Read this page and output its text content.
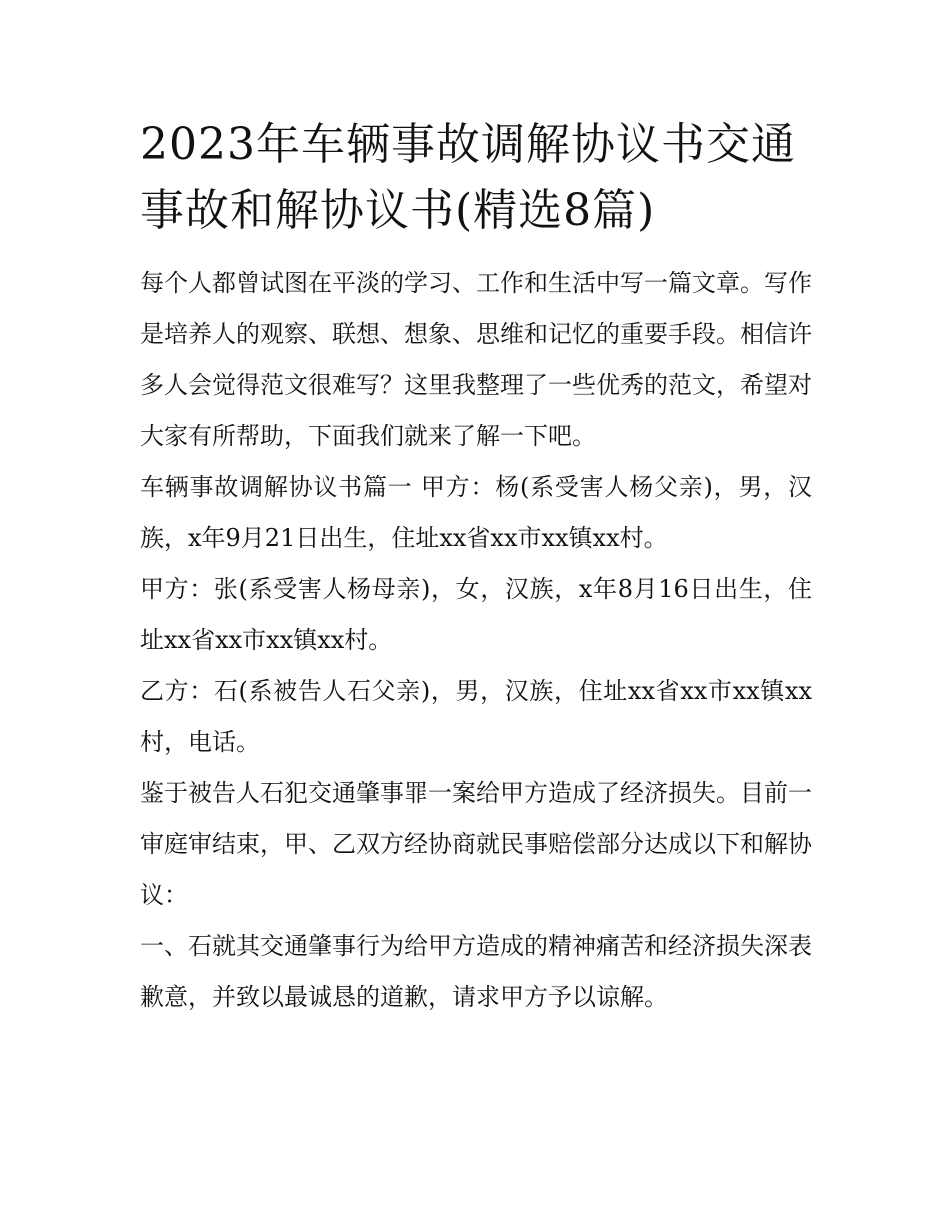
2023年车辆事故调解协议书交通事故和解协议书(精选8篇)

每个人都曾试图在平淡的学习、工作和生活中写一篇文章。写作是培养人的观察、联想、想象、思维和记忆的重要手段。相信许多人会觉得范文很难写？这里我整理了一些优秀的范文，希望对大家有所帮助，下面我们就来了解一下吧。

车辆事故调解协议书篇一 甲方：杨(系受害人杨父亲)，男，汉族，x年9月21日出生，住址xx省xx市xx镇xx村。

甲方：张(系受害人杨母亲)，女，汉族，x年8月16日出生，住址xx省xx市xx镇xx村。

乙方：石(系被告人石父亲)，男，汉族，住址xx省xx市xx镇xx村，电话。

鉴于被告人石犯交通肇事罪一案给甲方造成了经济损失。目前一审庭审结束，甲、乙双方经协商就民事赔偿部分达成以下和解协议：

一、石就其交通肇事行为给甲方造成的精神痛苦和经济损失深表歉意，并致以最诚恳的道歉，请求甲方予以谅解。
